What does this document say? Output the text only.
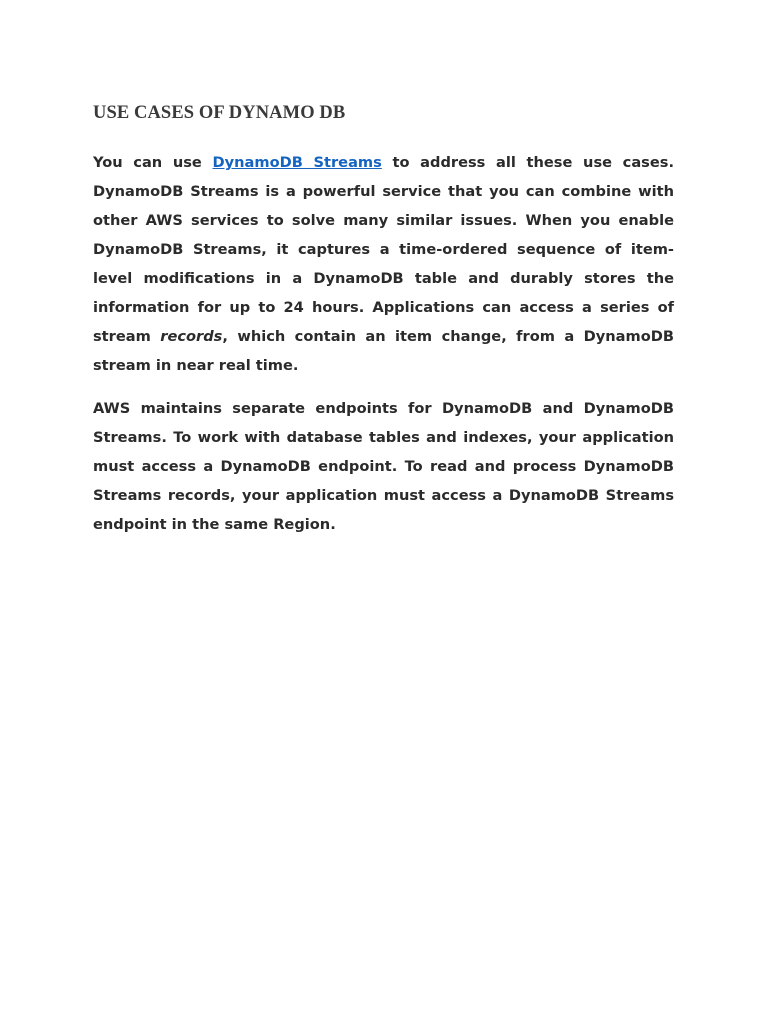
USE CASES OF DYNAMO DB

You can use DynamoDB Streams to address all these use cases. DynamoDB Streams is a powerful service that you can combine with other AWS services to solve many similar issues. When you enable DynamoDB Streams, it captures a time-ordered sequence of item-level modifications in a DynamoDB table and durably stores the information for up to 24 hours. Applications can access a series of stream records, which contain an item change, from a DynamoDB stream in near real time.

AWS maintains separate endpoints for DynamoDB and DynamoDB Streams. To work with database tables and indexes, your application must access a DynamoDB endpoint. To read and process DynamoDB Streams records, your application must access a DynamoDB Streams endpoint in the same Region.
